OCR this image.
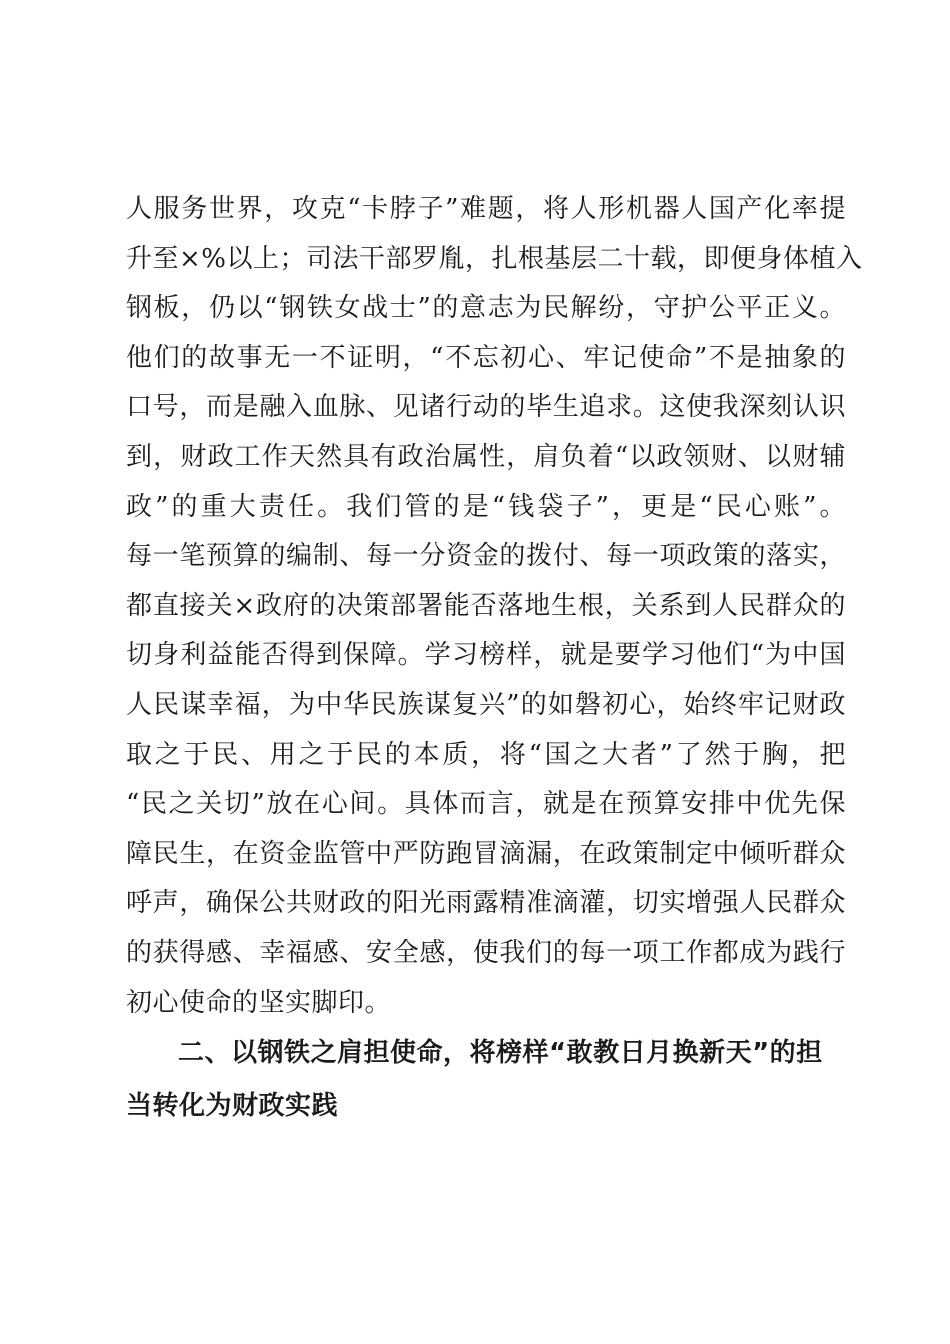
人服务世界，攻克“卡脖子”难题，将人形机器人国产化率提
升至×%以上；司法干部罗胤，扎根基层二十载，即便身体植入
钢板，仍以“钢铁女战士”的意志为民解纷，守护公平正义。
他们的故事无一不证明，“不忘初心、牢记使命”不是抽象的
口号，而是融入血脉、见诸行动的毕生追求。这使我深刻认识
到，财政工作天然具有政治属性，肩负着“以政领财、以财辅
政”的重大责任。我们管的是“钱袋子”，更是“民心账”。
每一笔预算的编制、每一分资金的拨付、每一项政策的落实，
都直接关×政府的决策部署能否落地生根，关系到人民群众的
切身利益能否得到保障。学习榜样，就是要学习他们“为中国
人民谋幸福，为中华民族谋复兴”的如磐初心，始终牢记财政
取之于民、用之于民的本质，将“国之大者”了然于胸，把
“民之关切”放在心间。具体而言，就是在预算安排中优先保
障民生，在资金监管中严防跑冒滴漏，在政策制定中倾听群众
呼声，确保公共财政的阳光雨露精准滴灌，切实增强人民群众
的获得感、幸福感、安全感，使我们的每一项工作都成为践行
初心使命的坚实脚印。
二、以钢铁之肩担使命，将榜样“敢教日月换新天”的担
当转化为财政实践
